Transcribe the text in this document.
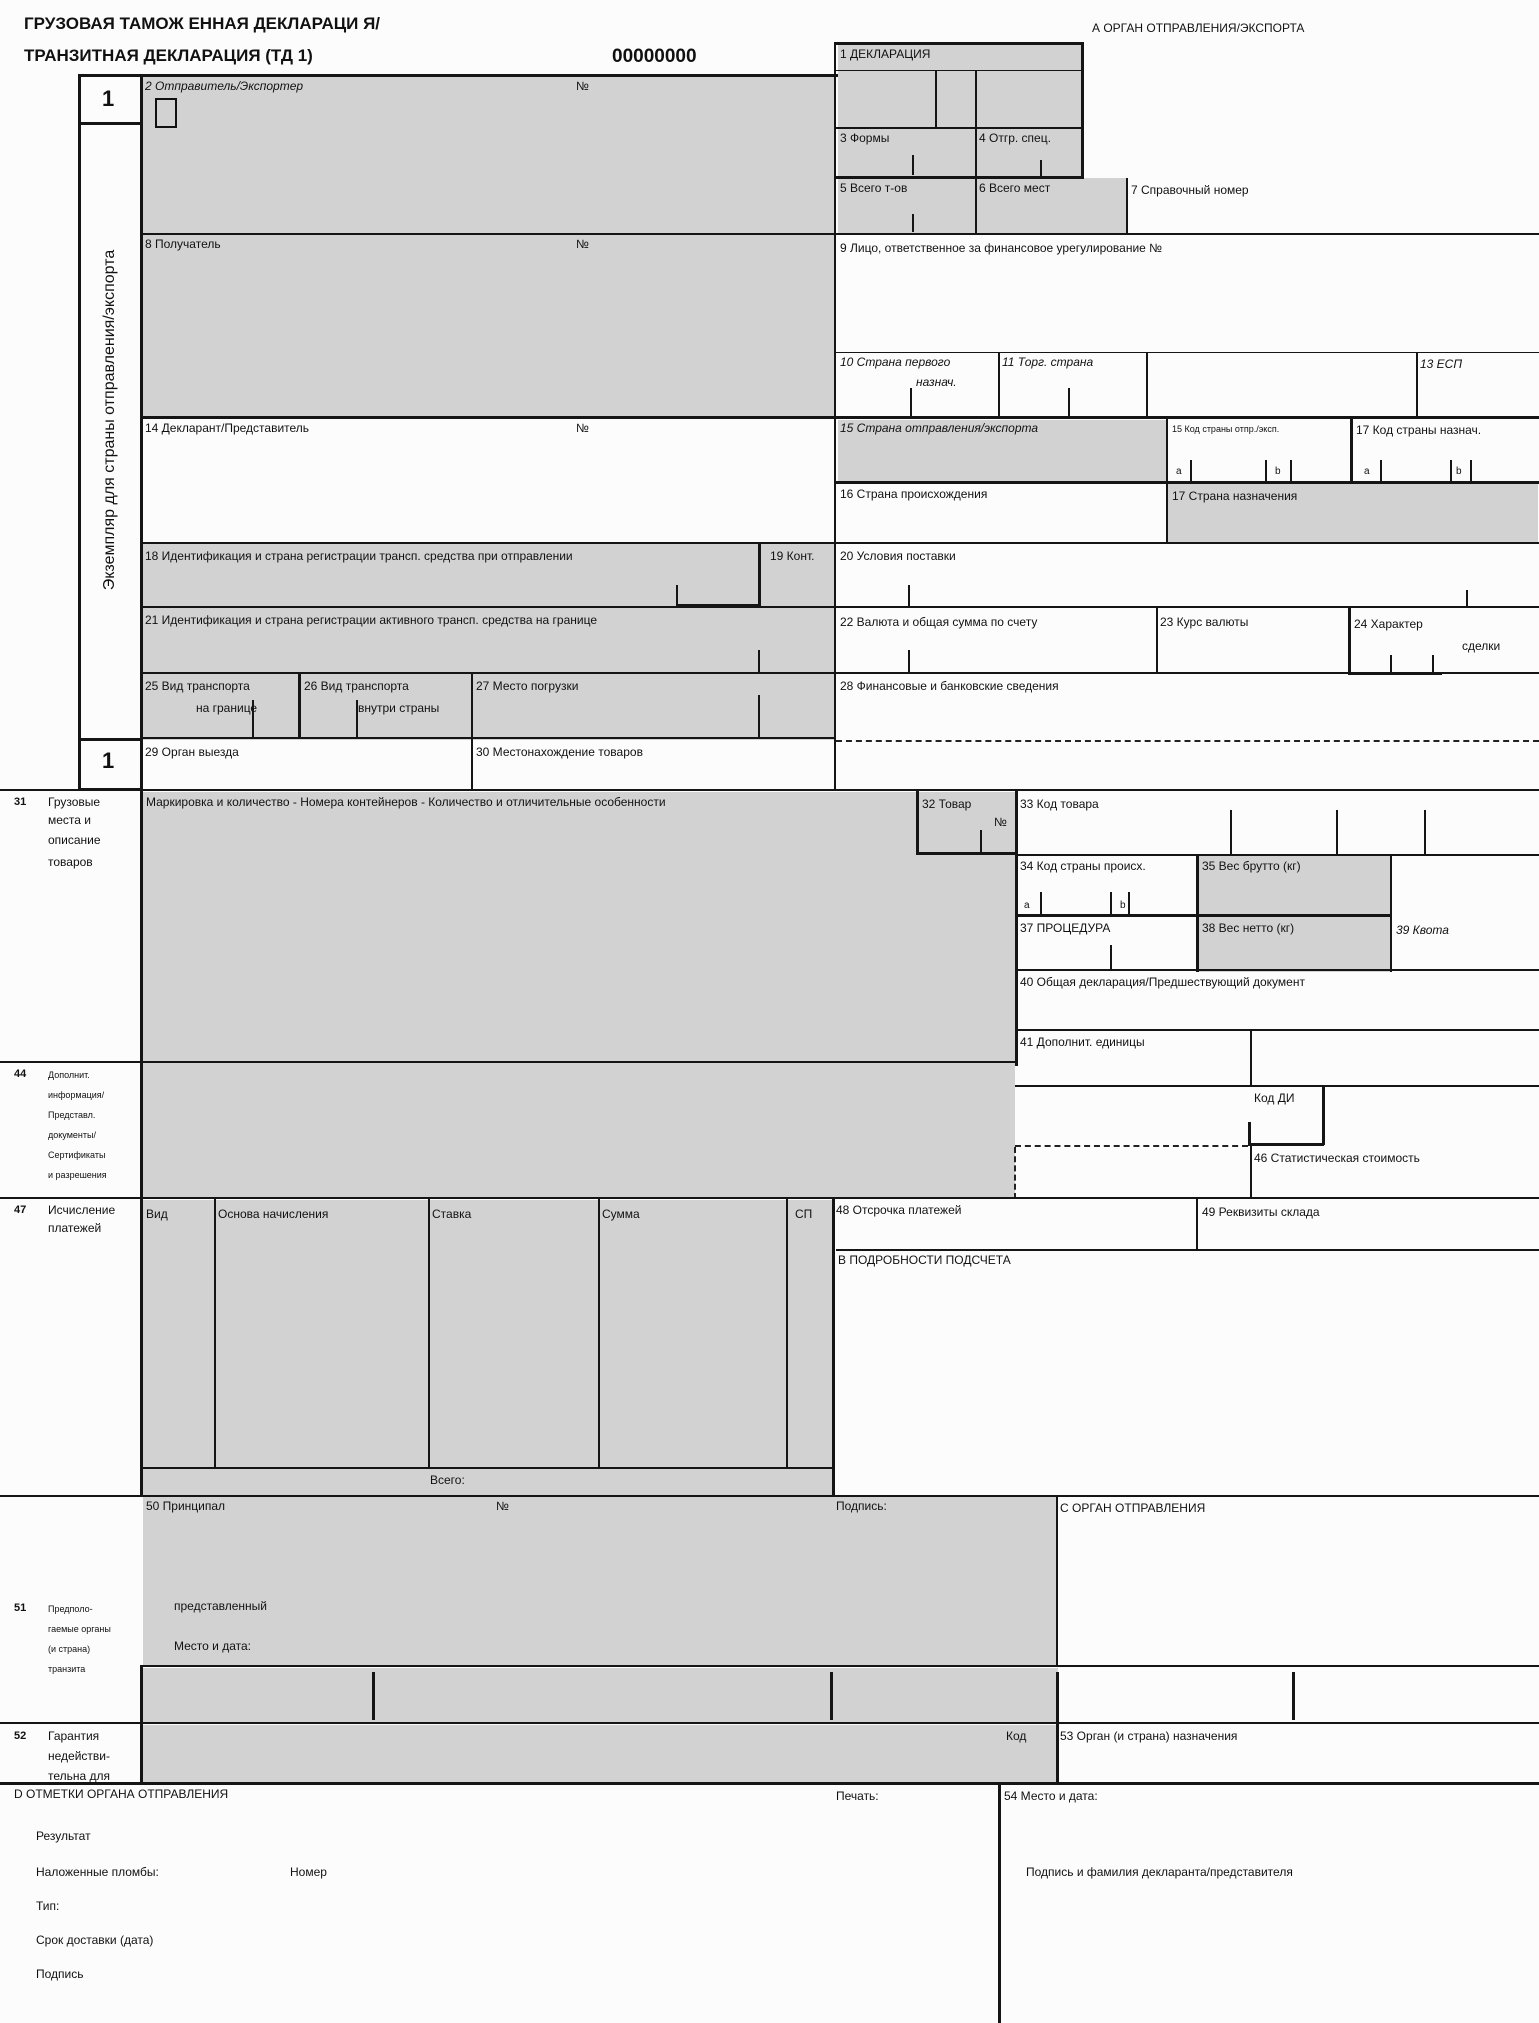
ГРУЗОВАЯ ТАМОЖ ЕННАЯ ДЕКЛАРАЦИ Я/
ТРАНЗИТНАЯ ДЕКЛАРАЦИЯ (ТД 1)	00000000
А ОРГАН ОТПРАВЛЕНИЯ/ЭКСПОРТА
1
1
Экземпляр для страны отправления/экспорта
2 Отправитель/Экспортер	№
8 Получатель	№
14 Декларант/Представитель	№
18 Идентификация и страна регистрации трансп. средства при отправлении	19 Конт.
21 Идентификация и страна регистрации активного трансп. средства на границе
25 Вид транспорта
на границе
26 Вид транспорта
внутри страны
27 Место погрузки
29 Орган выезда	30 Местонахождение товаров
1 ДЕКЛАРАЦИЯ
3 Формы	4 Отгр. спец.
5 Всего т-ов	6 Всего мест	7 Справочный номер
9 Лицо, ответственное за финансовое урегулирование №
10 Страна первого
назнач.
11 Торг. страна	13 ЕСП
15 Страна отправления/экспорта	15 Код страны отпр./эксп.	17 Код страны назнач.
a	b	a	b
16 Страна происхождения	17 Страна назначения
20 Условия поставки
22 Валюта и общая сумма по счету	23 Курс валюты	24 Характер
сделки
28 Финансовые и банковские сведения
31 Грузовые
места и
описание
товаров
Маркировка и количество - Номера контейнеров - Количество и отличительные особенности	32 Товар
№
33 Код товара
34 Код страны происх.
a	b
35 Вес брутто (кг)
37 ПРОЦЕДУРА	38 Вес нетто (кг)	39 Квота
40 Общая декларация/Предшествующий документ
41 Дополнит. единицы
44 Дополнит.
информация/
Представл.
документы/
Сертификаты
и разрешения
Код ДИ
46 Статистическая стоимость
47 Исчисление
платежей
Вид	Основа начисления	Ставка	Сумма	СП
Всего:
48 Отсрочка платежей	49 Реквизиты склада
В ПОДРОБНОСТИ ПОДСЧЕТА
50 Принципал	№	Подпись:	С ОРГАН ОТПРАВЛЕНИЯ
представленный
Место и дата:
51 Предполо-
гаемые органы
(и страна)
транзита
52 Гарантия
недействи-
тельна для
Код	53 Орган (и страна) назначения
D ОТМЕТКИ ОРГАНА ОТПРАВЛЕНИЯ	Печать:	54 Место и дата:
Результат
Наложенные пломбы:	Номер
Тип:
Срок доставки (дата)
Подпись
Подпись и фамилия декларанта/представителя
